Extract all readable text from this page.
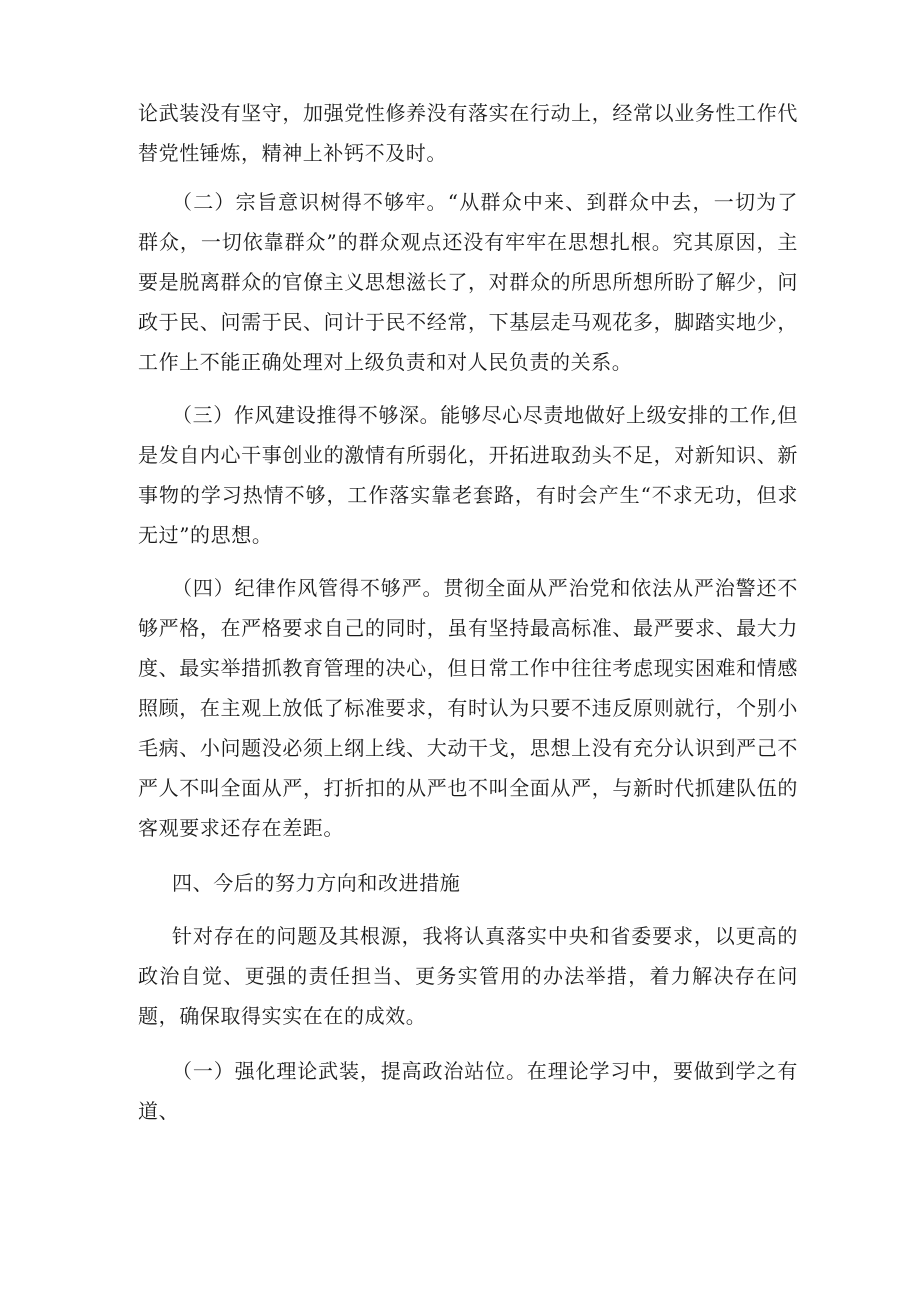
论武装没有坚守，加强党性修养没有落实在行动上，经常以业务性工作代替党性锤炼，精神上补钙不及时。

（二）宗旨意识树得不够牢。“从群众中来、到群众中去，一切为了群众，一切依靠群众”的群众观点还没有牢牢在思想扎根。究其原因，主要是脱离群众的官僚主义思想滋长了，对群众的所思所想所盼了解少，问政于民、问需于民、问计于民不经常，下基层走马观花多，脚踏实地少，工作上不能正确处理对上级负责和对人民负责的关系。

（三）作风建设推得不够深。能够尽心尽责地做好上级安排的工作,但是发自内心干事创业的激情有所弱化，开拓进取劲头不足，对新知识、新事物的学习热情不够，工作落实靠老套路，有时会产生“不求无功，但求无过”的思想。

（四）纪律作风管得不够严。贯彻全面从严治党和依法从严治警还不够严格，在严格要求自己的同时，虽有坚持最高标准、最严要求、最大力度、最实举措抓教育管理的决心，但日常工作中往往考虑现实困难和情感照顾，在主观上放低了标准要求，有时认为只要不违反原则就行，个别小毛病、小问题没必须上纲上线、大动干戈，思想上没有充分认识到严己不严人不叫全面从严，打折扣的从严也不叫全面从严，与新时代抓建队伍的客观要求还存在差距。

四、今后的努力方向和改进措施

针对存在的问题及其根源，我将认真落实中央和省委要求，以更高的政治自觉、更强的责任担当、更务实管用的办法举措，着力解决存在问题，确保取得实实在在的成效。

（一）强化理论武装，提高政治站位。在理论学习中，要做到学之有道、
